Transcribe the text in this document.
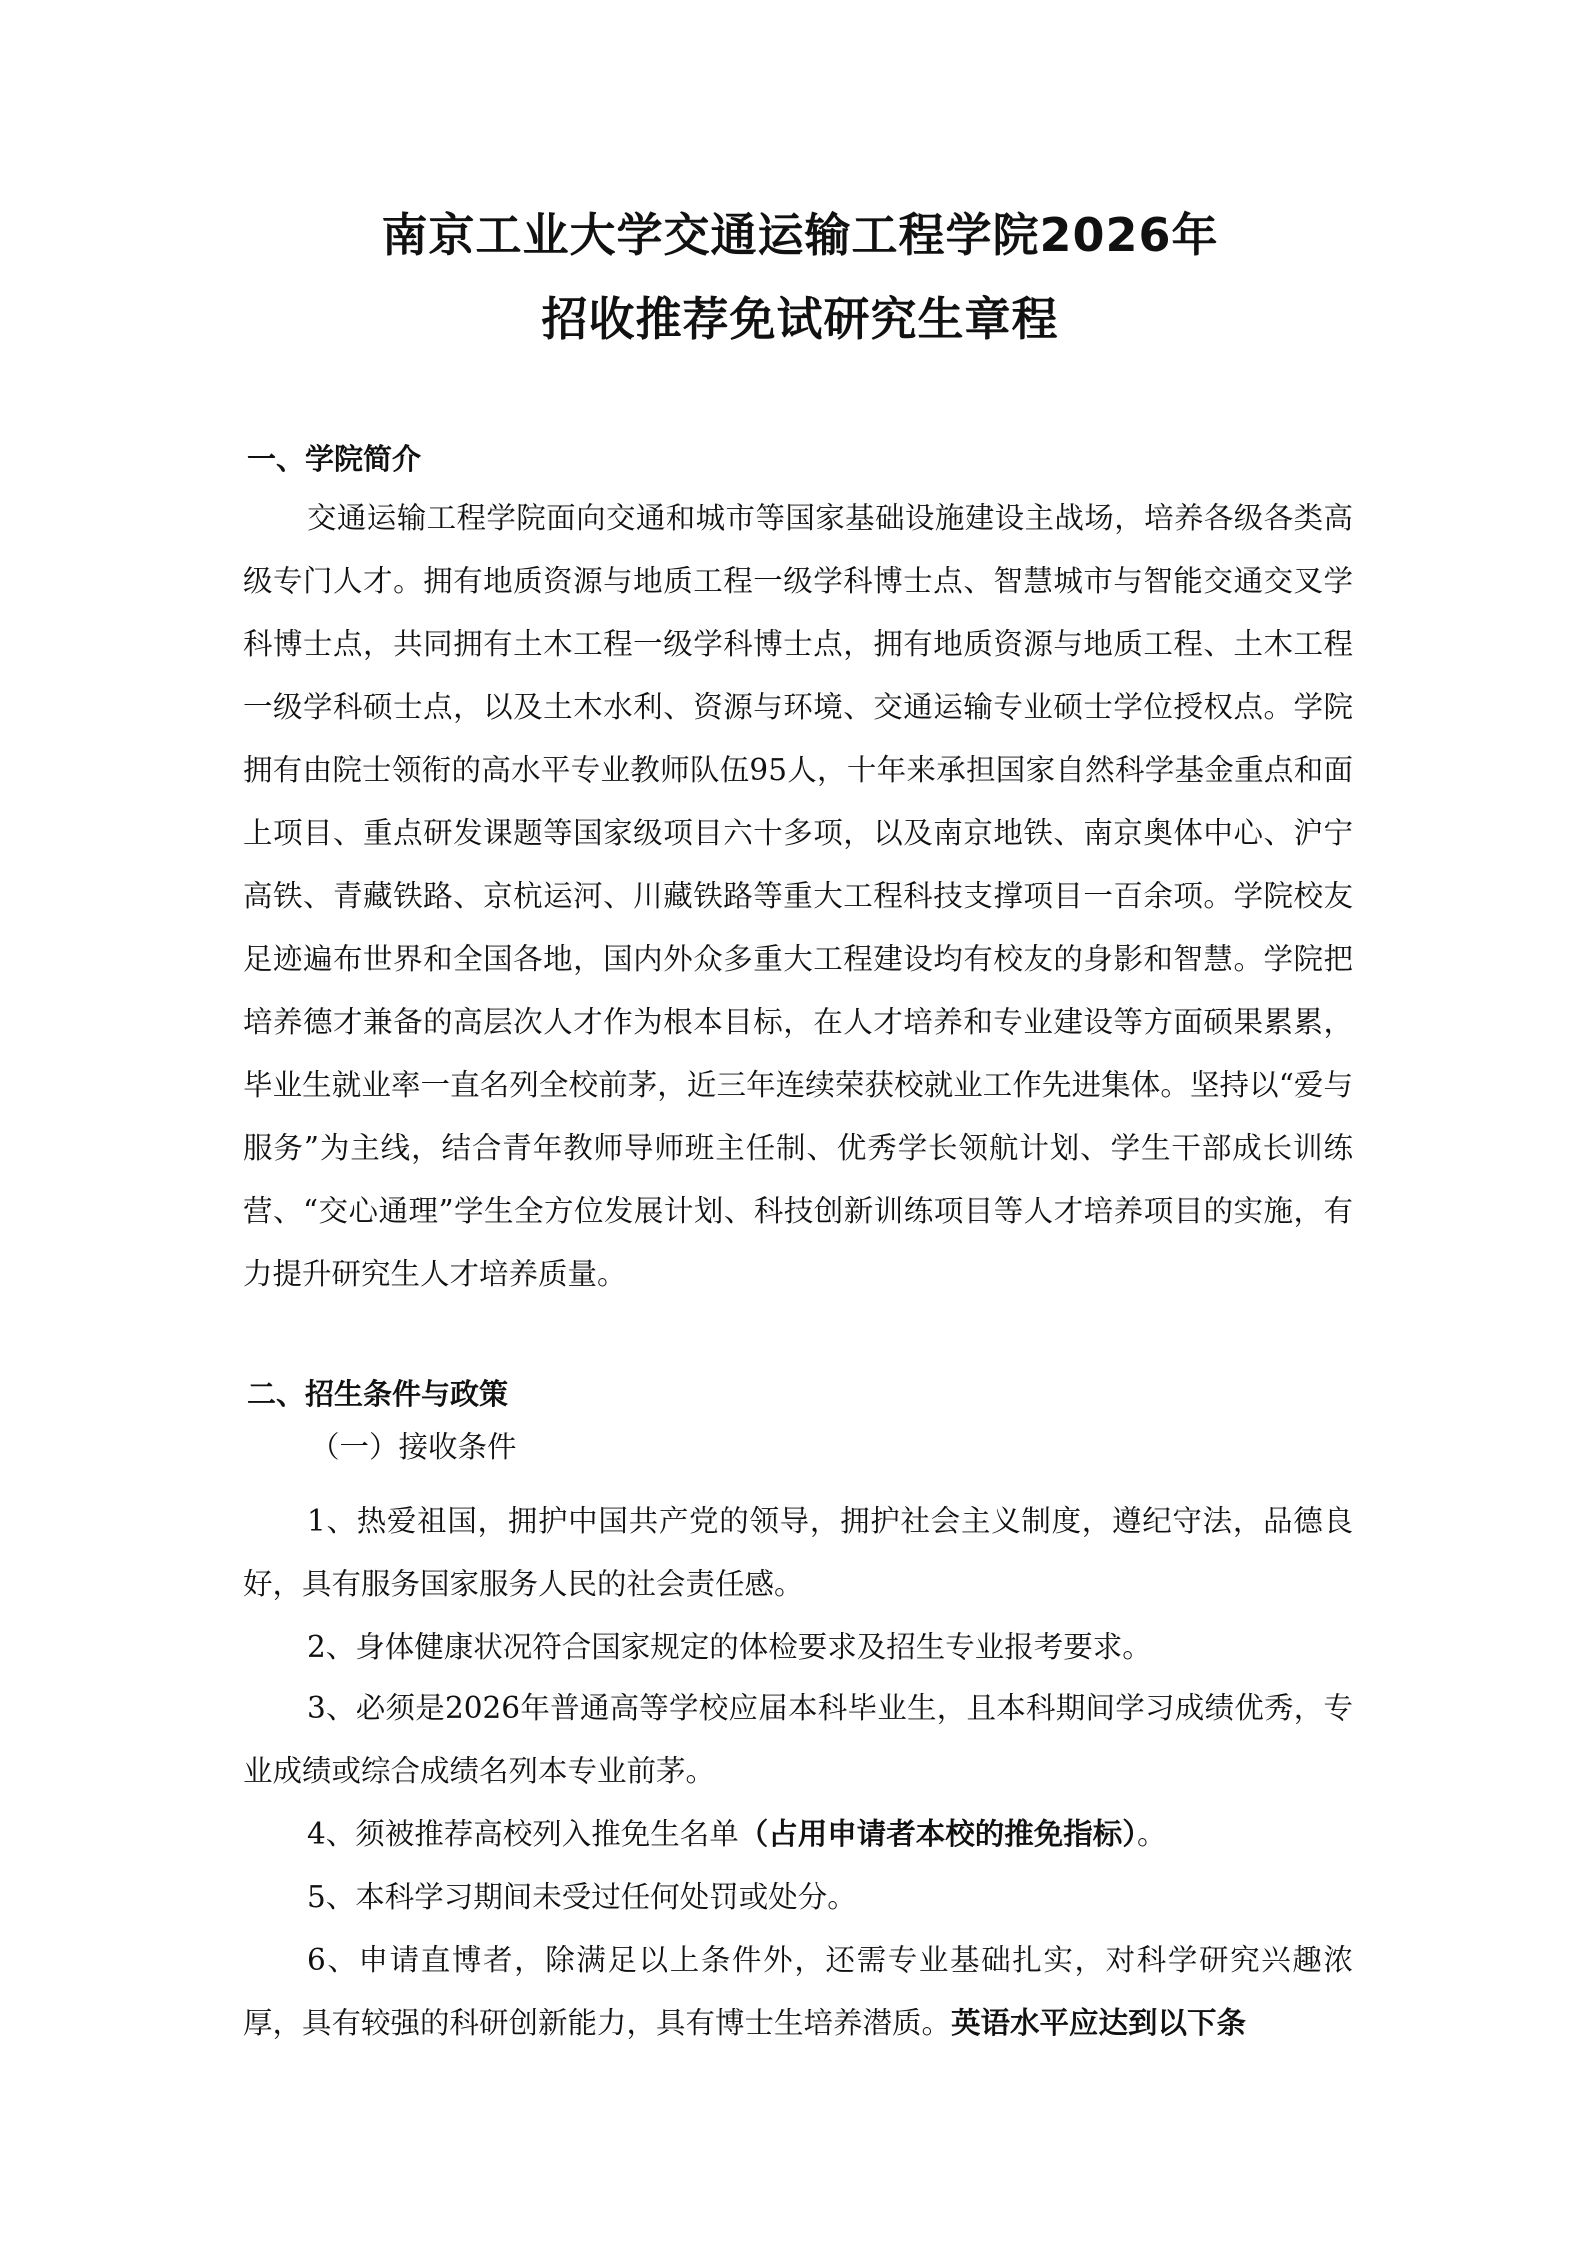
南京工业大学交通运输工程学院2026年
招收推荐免试研究生章程
一、学院简介

交通运输工程学院面向交通和城市等国家基础设施建设主战场，培养各级各类高级专门人才。拥有地质资源与地质工程一级学科博士点、智慧城市与智能交通交叉学科博士点，共同拥有土木工程一级学科博士点，拥有地质资源与地质工程、土木工程一级学科硕士点，以及土木水利、资源与环境、交通运输专业硕士学位授权点。学院拥有由院士领衔的高水平专业教师队伍95人，十年来承担国家自然科学基金重点和面上项目、重点研发课题等国家级项目六十多项，以及南京地铁、南京奥体中心、沪宁高铁、青藏铁路、京杭运河、川藏铁路等重大工程科技支撑项目一百余项。学院校友足迹遍布世界和全国各地，国内外众多重大工程建设均有校友的身影和智慧。学院把培养德才兼备的高层次人才作为根本目标，在人才培养和专业建设等方面硕果累累，毕业生就业率一直名列全校前茅，近三年连续荣获校就业工作先进集体。坚持以“爱与服务”为主线，结合青年教师导师班主任制、优秀学长领航计划、学生干部成长训练营、“交心通理”学生全方位发展计划、科技创新训练项目等人才培养项目的实施，有力提升研究生人才培养质量。

二、招生条件与政策
（一）接收条件

1、热爱祖国，拥护中国共产党的领导，拥护社会主义制度，遵纪守法，品德良好，具有服务国家服务人民的社会责任感。

2、身体健康状况符合国家规定的体检要求及招生专业报考要求。

3、必须是2026年普通高等学校应届本科毕业生，且本科期间学习成绩优秀，专业成绩或综合成绩名列本专业前茅。

4、须被推荐高校列入推免生名单（占用申请者本校的推免指标）。

5、本科学习期间未受过任何处罚或处分。

6、申请直博者，除满足以上条件外，还需专业基础扎实，对科学研究兴趣浓厚，具有较强的科研创新能力，具有博士生培养潜质。英语水平应达到以下条
